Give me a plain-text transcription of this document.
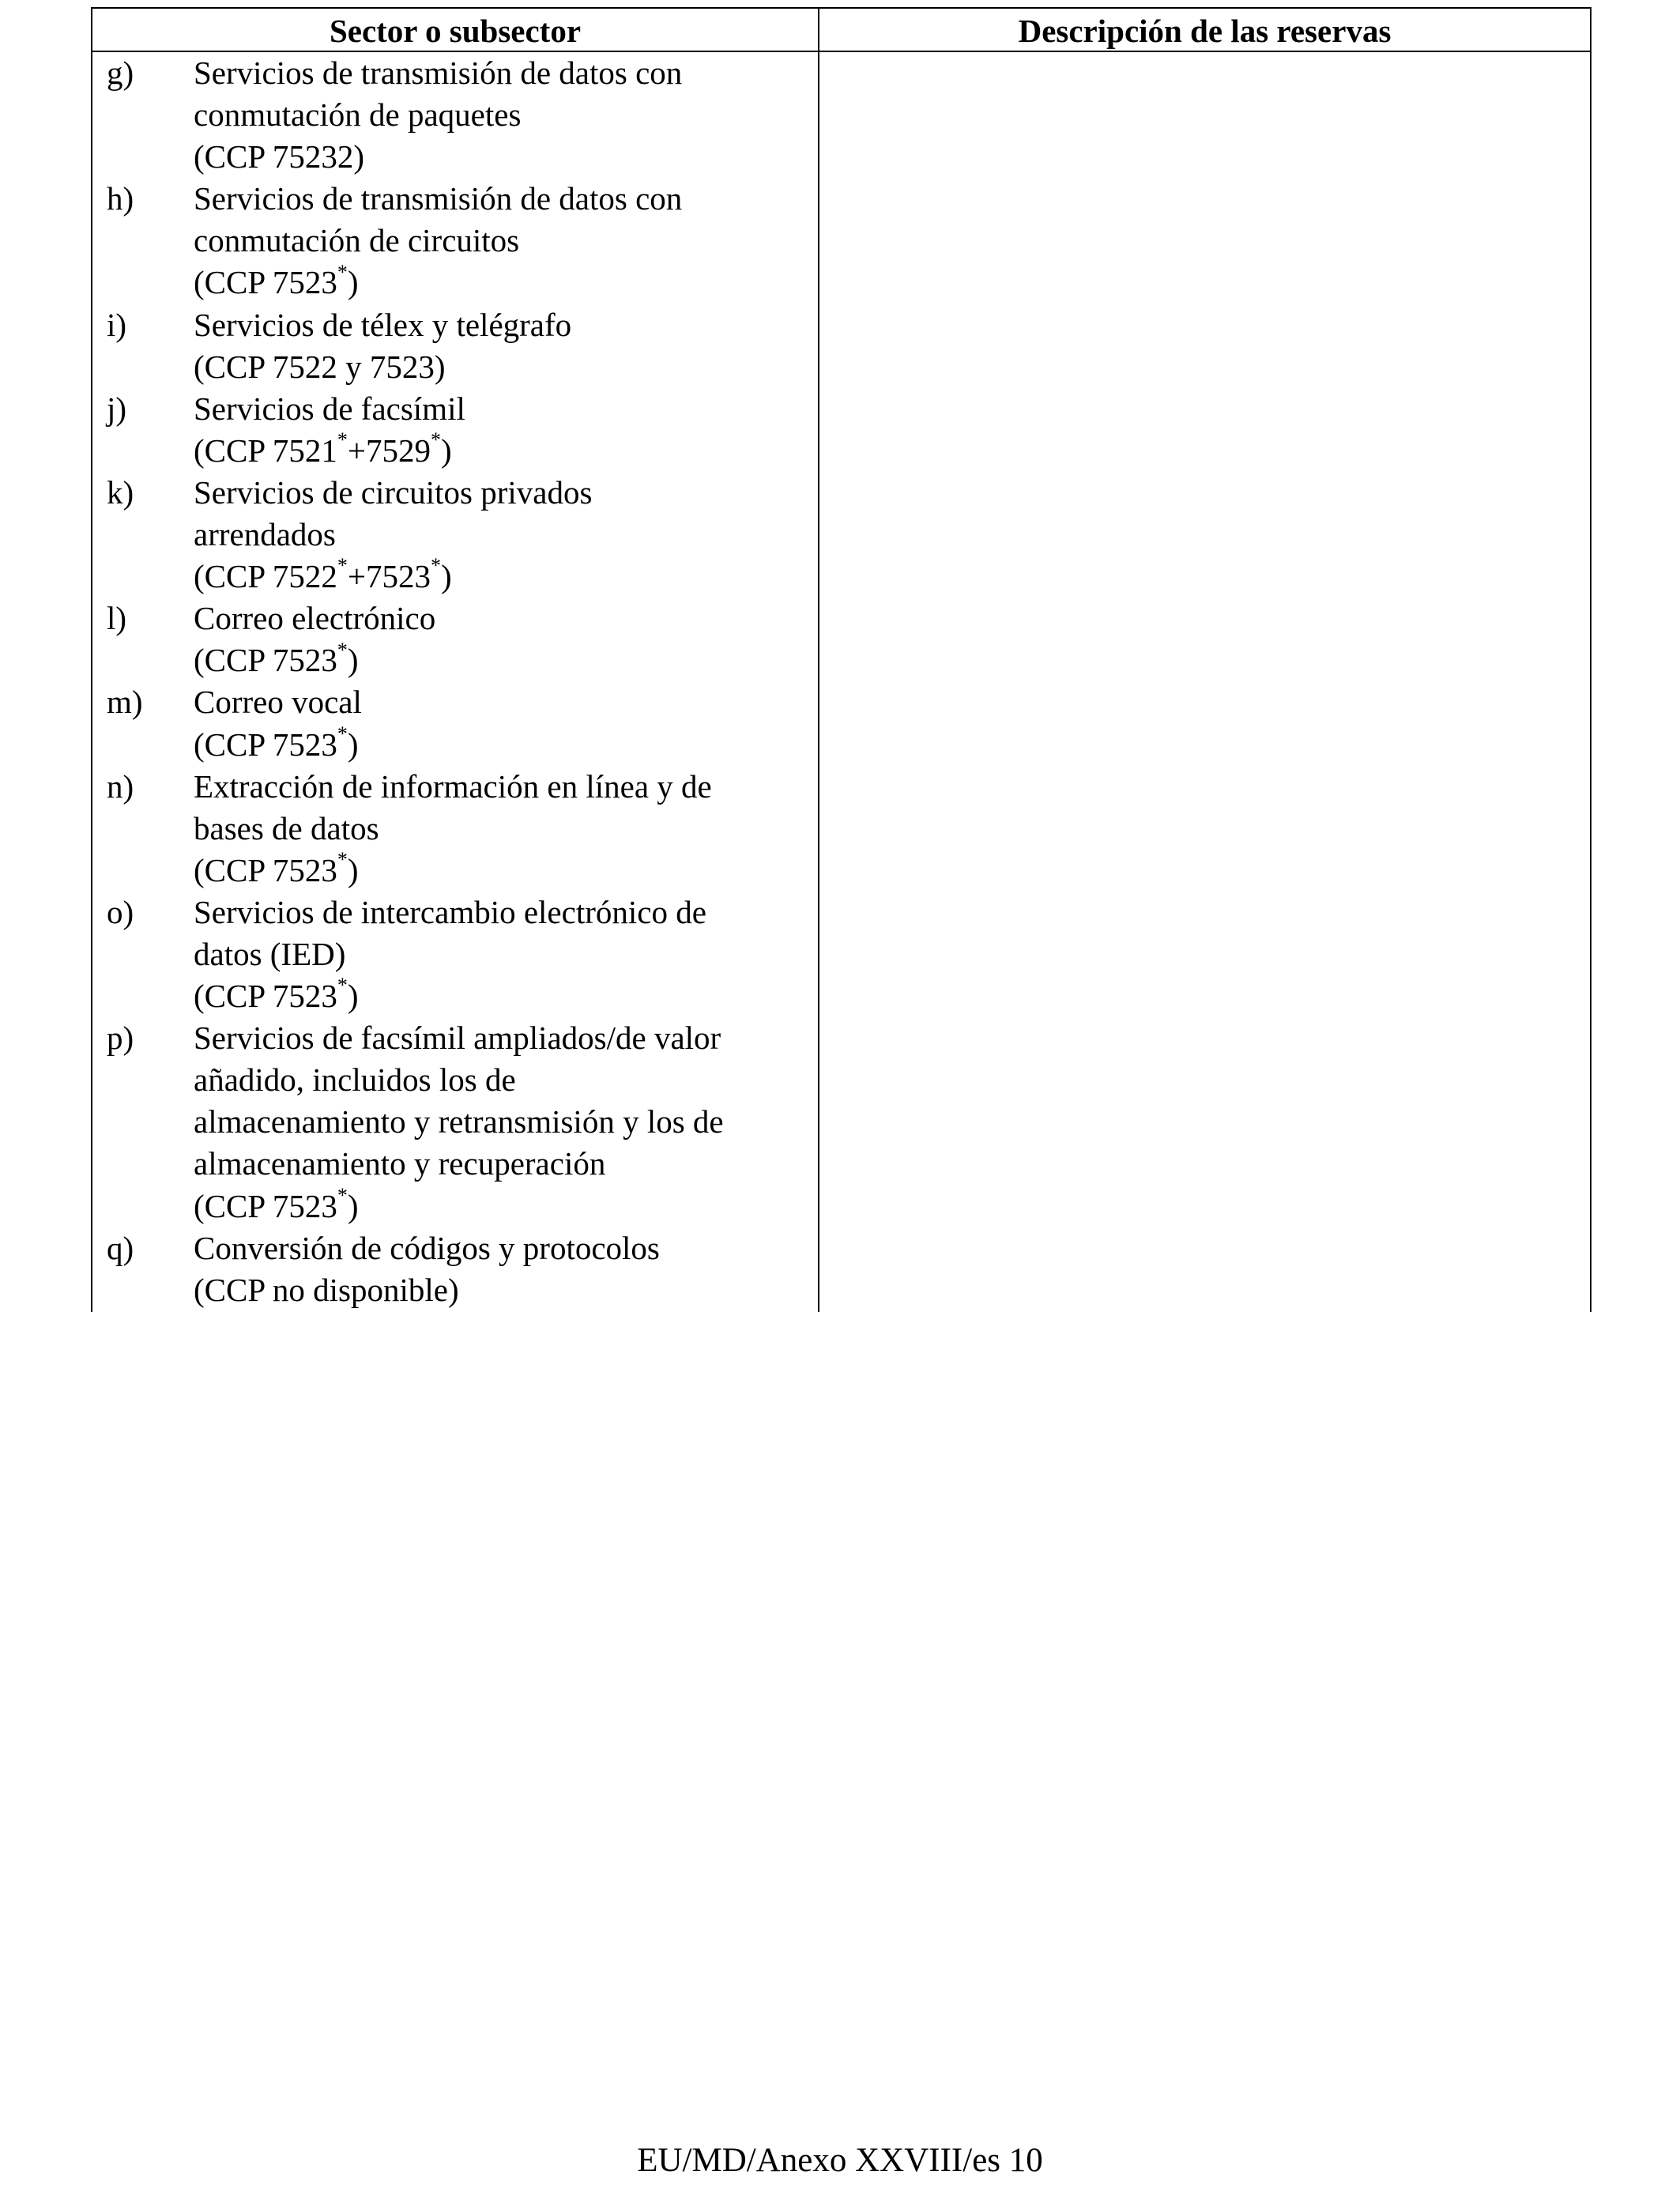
Sector o subsector	Descripción de las reservas
g)	Servicios de transmisión de datos con
conmutación de paquetes
(CCP 75232)
h)	Servicios de transmisión de datos con
conmutación de circuitos
(CCP 7523*)
i)	Servicios de télex y telégrafo
(CCP 7522 y 7523)
j)	Servicios de facsímil
(CCP 7521*+7529*)
k)	Servicios de circuitos privados
arrendados
(CCP 7522*+7523*)
l)	Correo electrónico
(CCP 7523*)
m)	Correo vocal
(CCP 7523*)
n)	Extracción de información en línea y de
bases de datos
(CCP 7523*)
o)	Servicios de intercambio electrónico de
datos (IED)
(CCP 7523*)
p)	Servicios de facsímil ampliados/de valor
añadido, incluidos los de
almacenamiento y retransmisión y los de
almacenamiento y recuperación
(CCP 7523*)
q)	Conversión de códigos y protocolos
(CCP no disponible)
EU/MD/Anexo XXVIII/es 10
